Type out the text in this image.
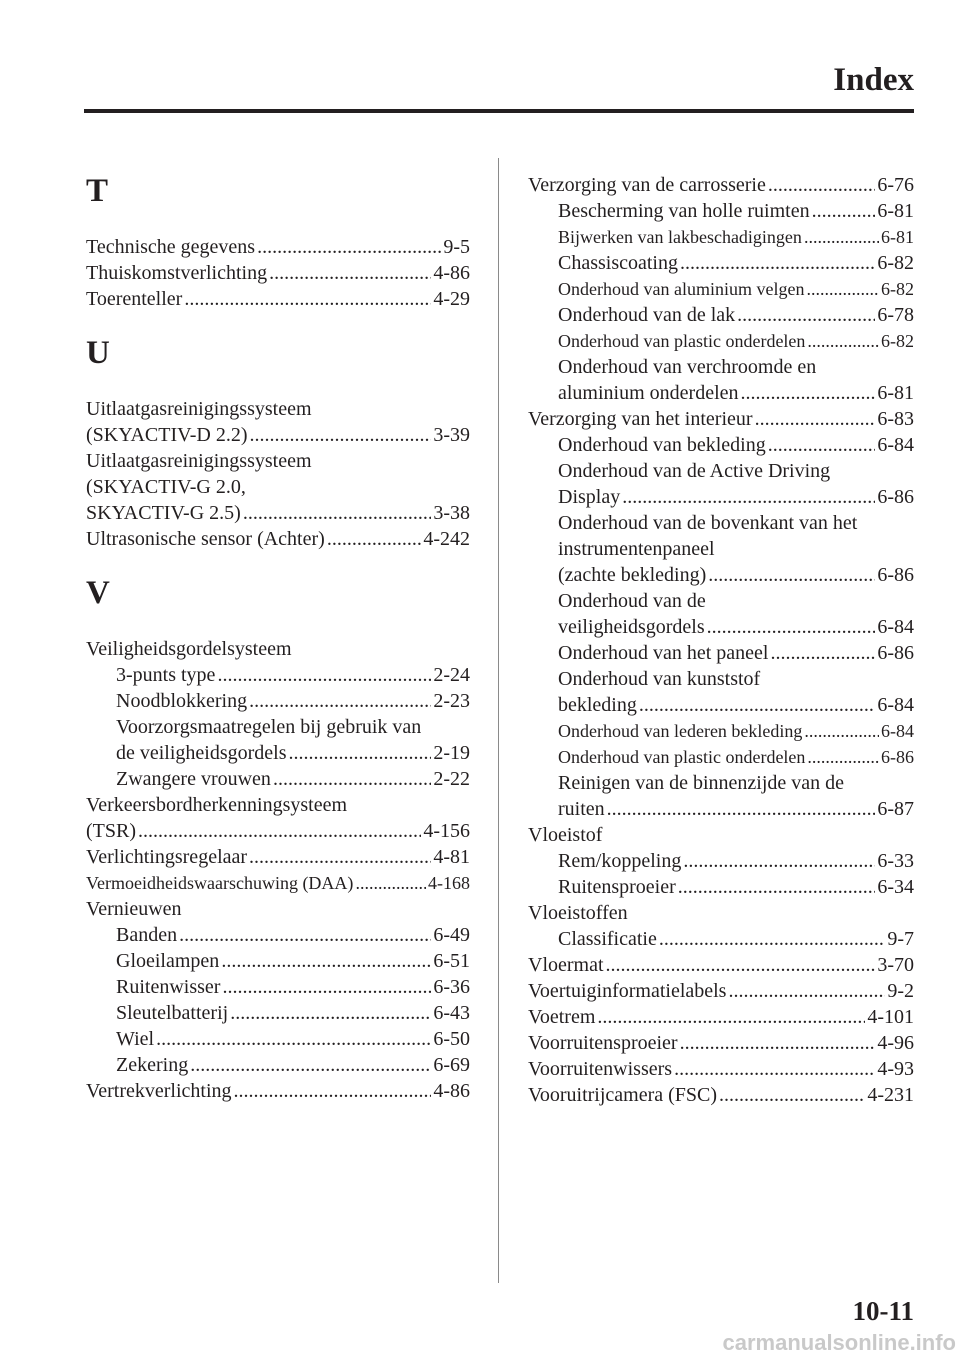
Index
T
Technische gegevens .....	9-5
Thuiskomstverlichting .....	4-86
Toerenteller .....	4-29
U
Uitlaatgasreinigingssysteem
(SKYACTIV-D 2.2) .....	3-39
Uitlaatgasreinigingssysteem
(SKYACTIV-G 2.0,
SKYACTIV-G 2.5) .....	3-38
Ultrasonische sensor (Achter) .....	4-242
V
Veiligheidsgordelsysteem
3-punts type .....	2-24
Noodblokkering .....	2-23
Voorzorgsmaatregelen bij gebruik van
de veiligheidsgordels .....	2-19
Zwangere vrouwen .....	2-22
Verkeersbordherkenningsysteem
(TSR) .....	4-156
Verlichtingsregelaar .....	4-81
Vermoeidheidswaarschuwing (DAA) .....	4-168
Vernieuwen
Banden .....	6-49
Gloeilampen .....	6-51
Ruitenwisser .....	6-36
Sleutelbatterij .....	6-43
Wiel .....	6-50
Zekering .....	6-69
Vertrekverlichting .....	4-86
Verzorging van de carrosserie .....	6-76
Bescherming van holle ruimten .....	6-81
Bijwerken van lakbeschadigingen .....	6-81
Chassiscoating .....	6-82
Onderhoud van aluminium velgen .....	6-82
Onderhoud van de lak .....	6-78
Onderhoud van plastic onderdelen .....	6-82
Onderhoud van verchroomde en
aluminium onderdelen .....	6-81
Verzorging van het interieur .....	6-83
Onderhoud van bekleding .....	6-84
Onderhoud van de Active Driving
Display .....	6-86
Onderhoud van de bovenkant van het
instrumentenpaneel
(zachte bekleding) .....	6-86
Onderhoud van de
veiligheidsgordels .....	6-84
Onderhoud van het paneel .....	6-86
Onderhoud van kunststof
bekleding .....	6-84
Onderhoud van lederen bekleding .....	6-84
Onderhoud van plastic onderdelen .....	6-86
Reinigen van de binnenzijde van de
ruiten .....	6-87
Vloeistof
Rem/koppeling .....	6-33
Ruitensproeier .....	6-34
Vloeistoffen
Classificatie .....	9-7
Vloermat .....	3-70
Voertuiginformatielabels .....	9-2
Voetrem .....	4-101
Voorruitensproeier .....	4-96
Voorruitenwissers .....	4-93
Vooruitrijcamera (FSC) .....	4-231
10-11
carmanualsonline.info
